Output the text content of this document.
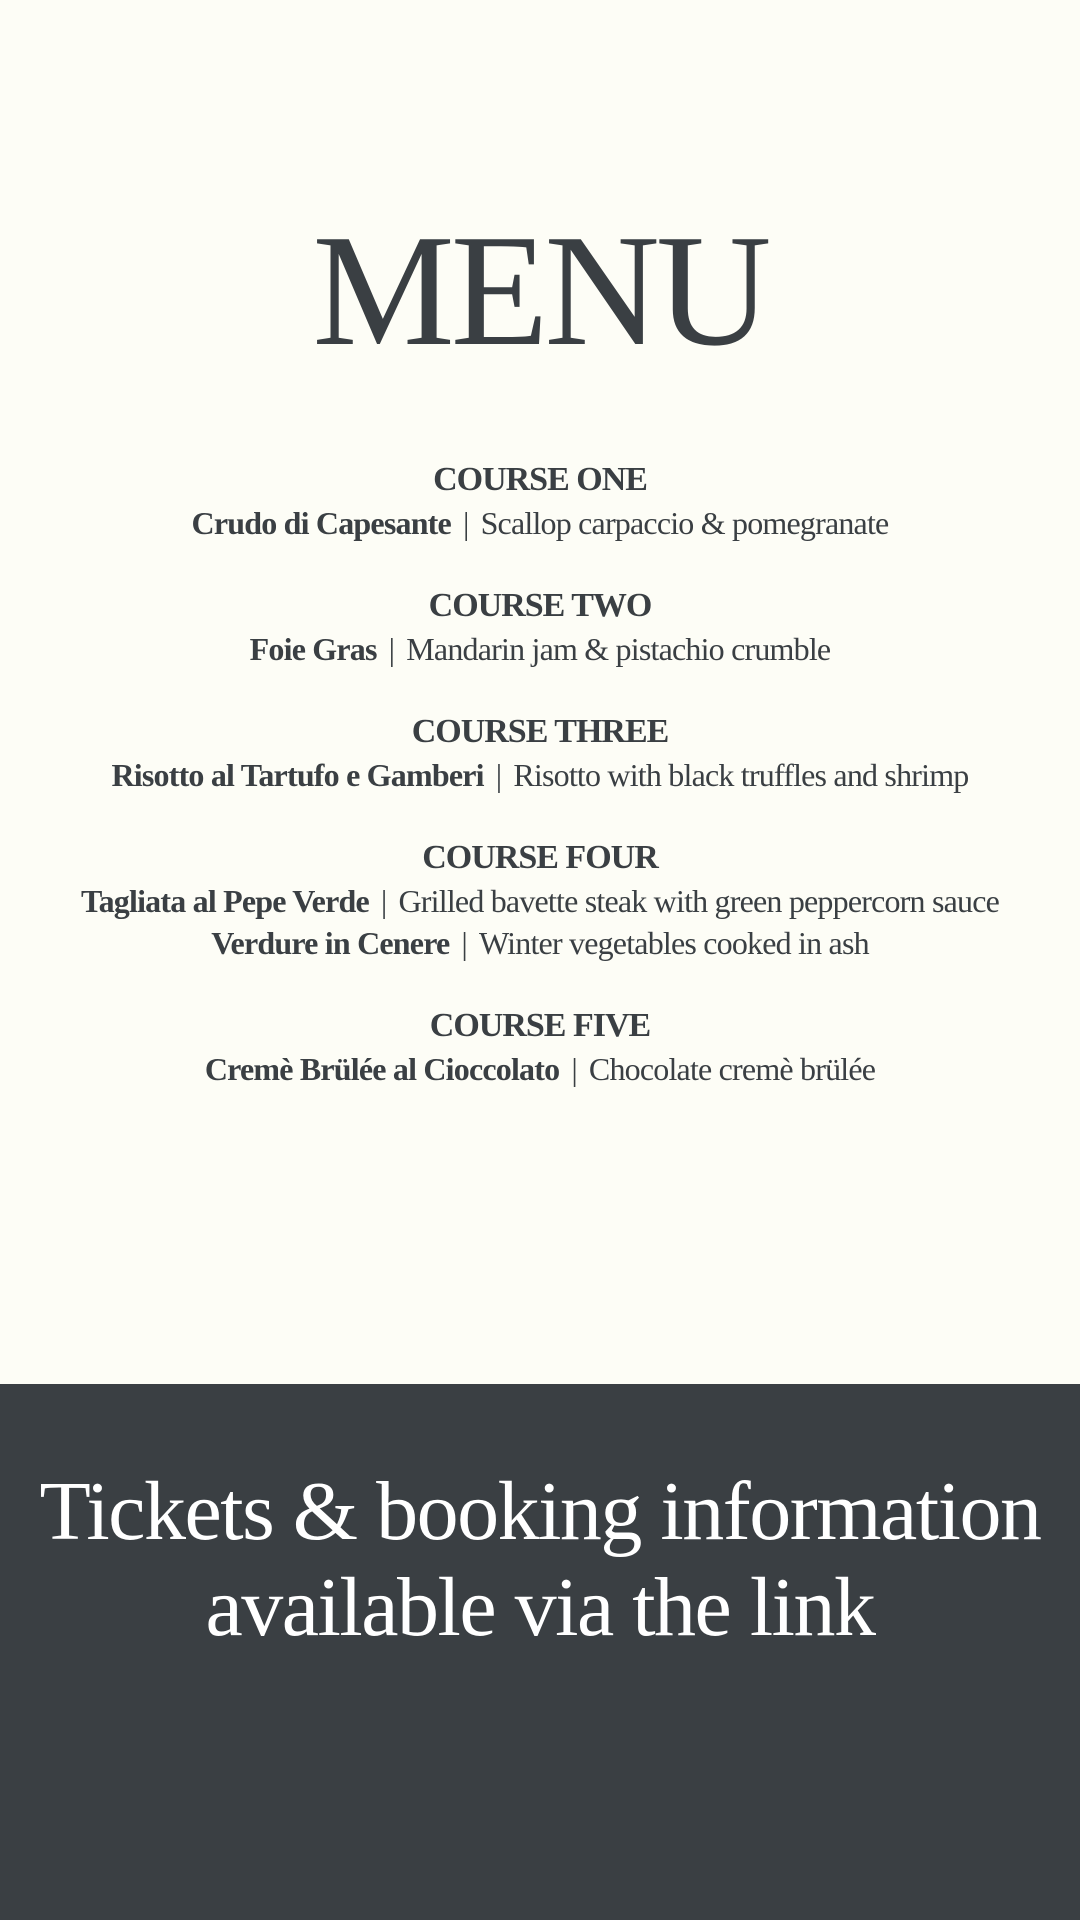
MENU
COURSE ONE
Crudo di Capesante | Scallop carpaccio & pomegranate
COURSE TWO
Foie Gras | Mandarin jam & pistachio crumble
COURSE THREE
Risotto al Tartufo e Gamberi | Risotto with black truffles and shrimp
COURSE FOUR
Tagliata al Pepe Verde | Grilled bavette steak with green peppercorn sauce
Verdure in Cenere | Winter vegetables cooked in ash
COURSE FIVE
Cremè Brülée al Cioccolato | Chocolate cremè brülée

Tickets & booking information
available via the link
